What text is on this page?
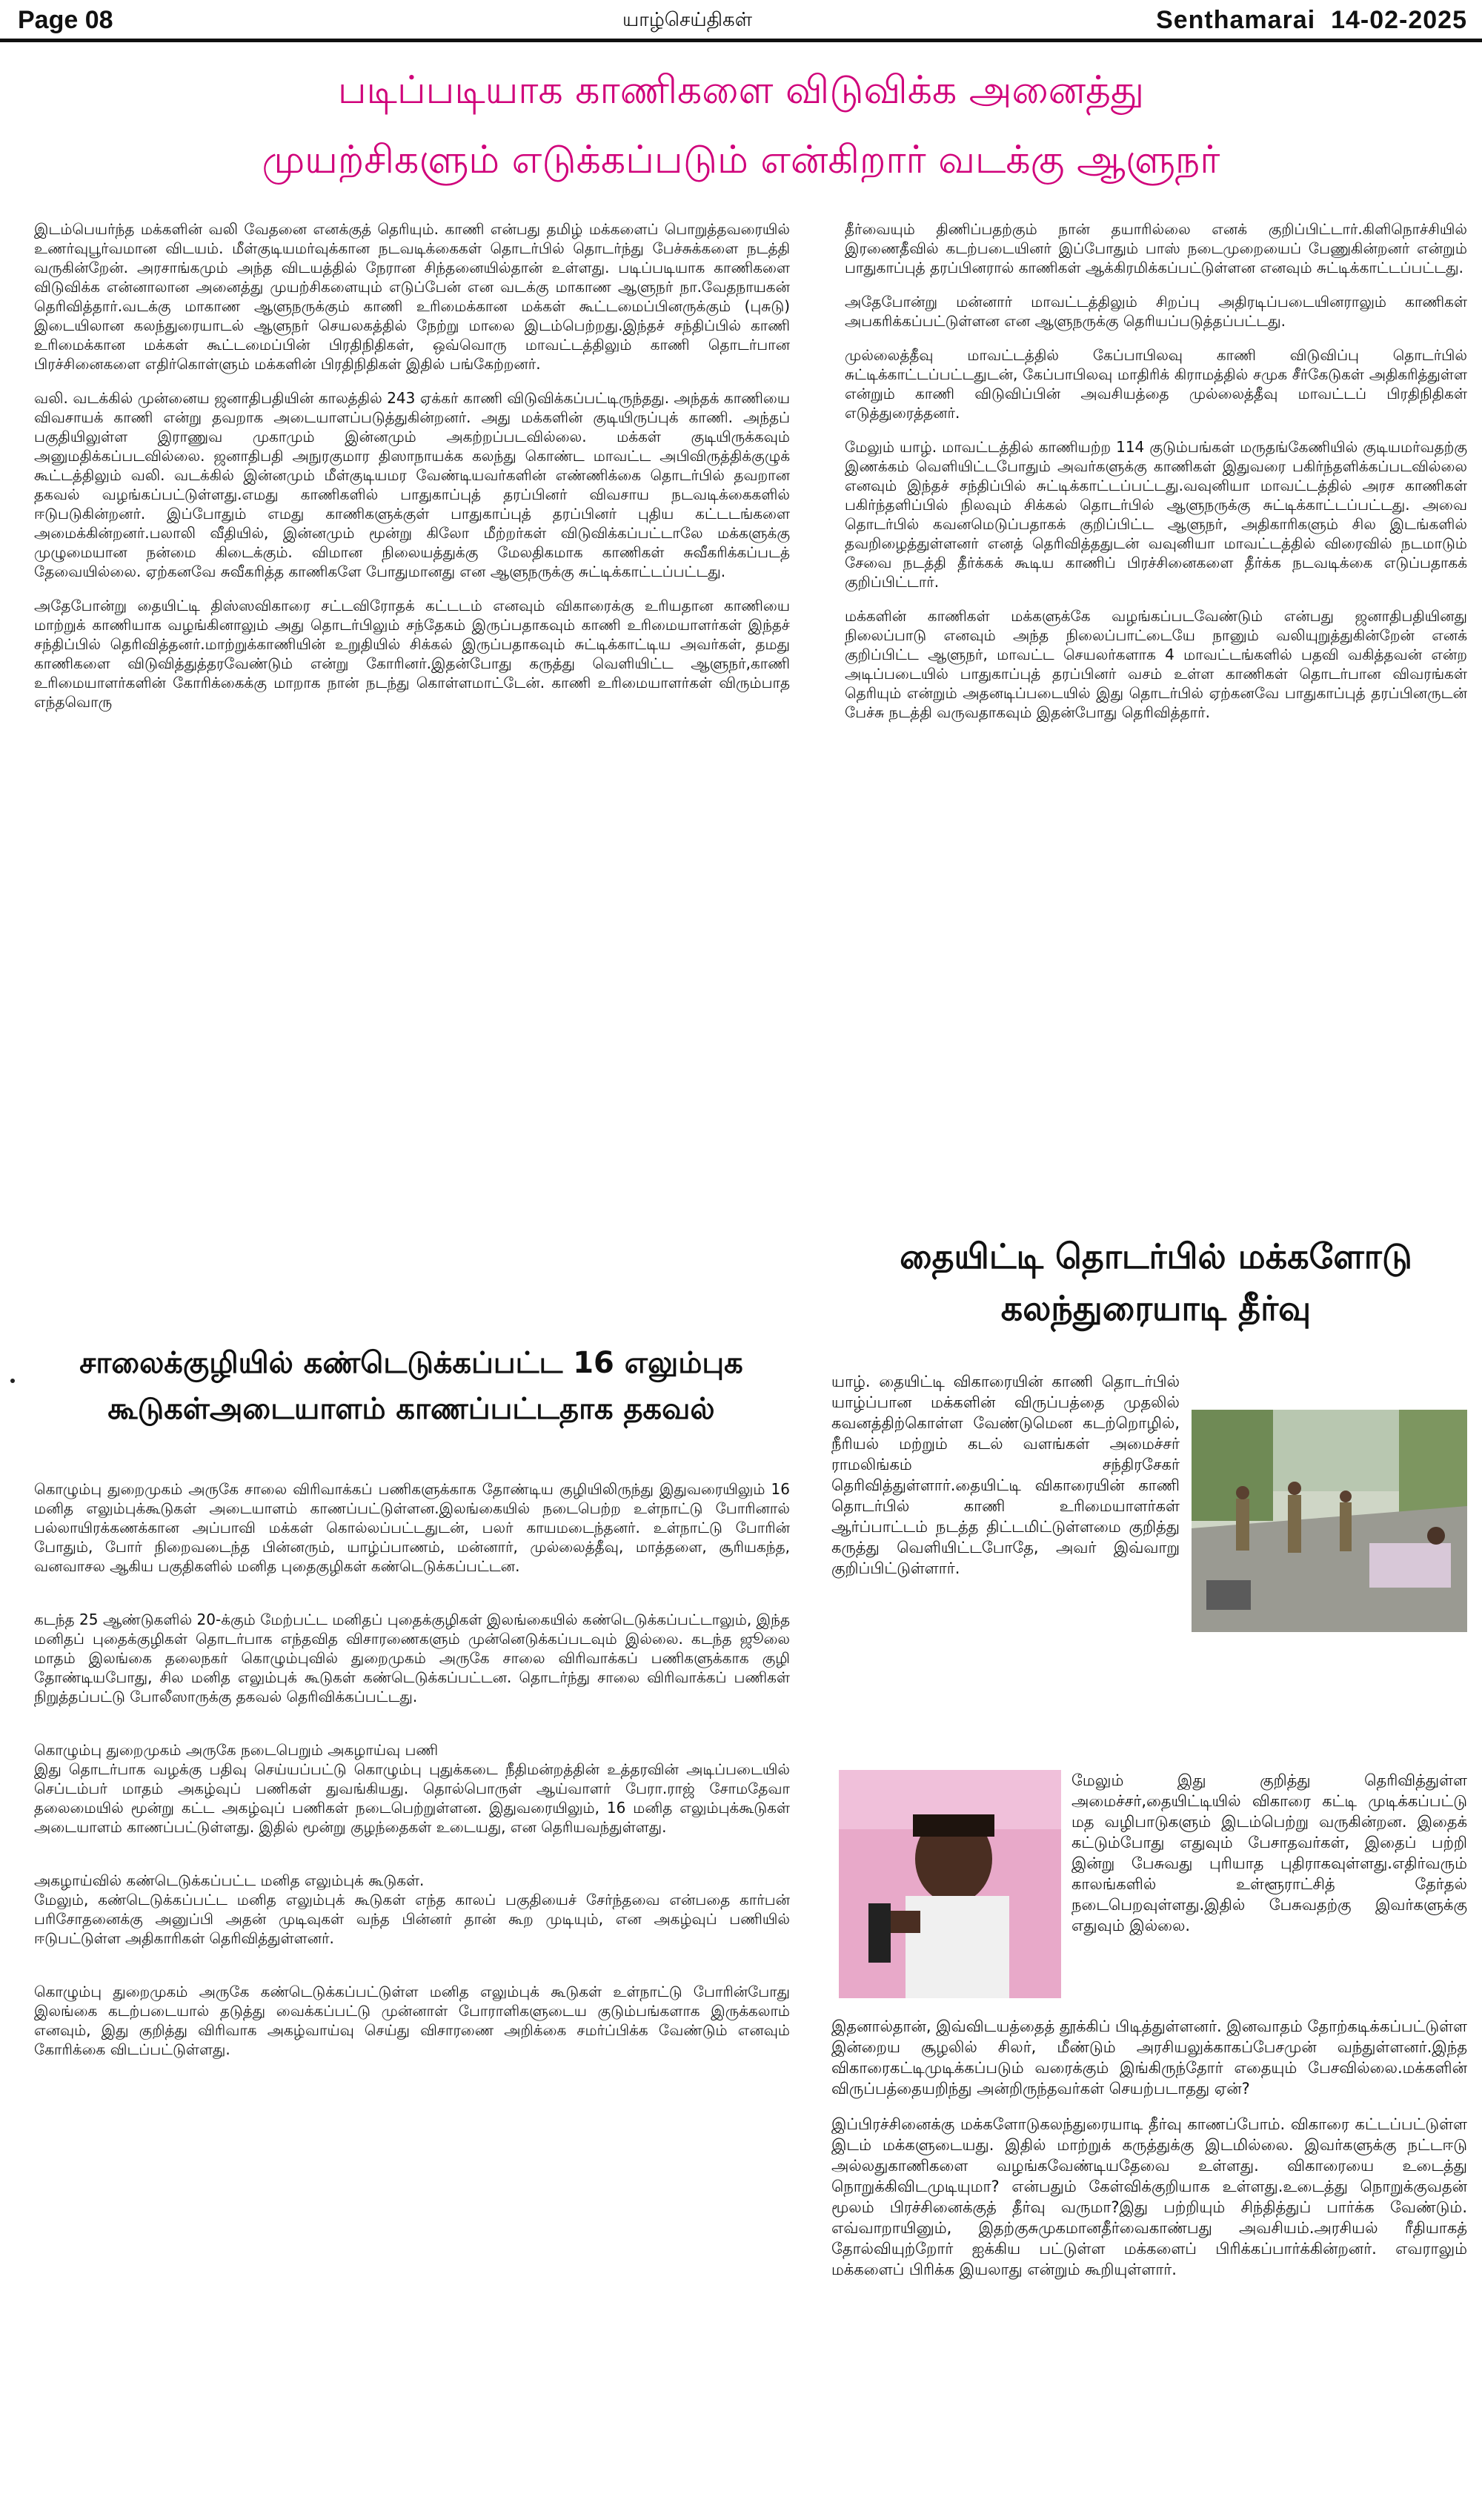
Page 08	யாழ்செய்திகள்	Senthamarai 14-02-2025
படிப்படியாக காணிகளை விடுவிக்க அனைத்து
முயற்சிகளும் எடுக்கப்படும் என்கிறார் வடக்கு ஆளுநர்

இடம்பெயர்ந்த மக்களின் வலி வேதனை எனக்குத் தெரியும். காணி என்பது தமிழ் மக்களைப் பொறுத்தவரையில் உணர்வுபூர்வமான விடயம். மீள்குடியமர்வுக்கான நடவடிக்கைகள் தொடர்பில் தொடர்ந்து பேச்சுக்களை நடத்தி வருகின்றேன். அரசாங்கமும் அந்த விடயத்தில் நேரான சிந்தனையில்தான் உள்ளது. படிப்படியாக காணிகளை விடுவிக்க என்னாலான அனைத்து முயற்சிகளையும் எடுப்பேன் என வடக்கு மாகாண ஆளுநர் நா.வேதநாயகன் தெரிவித்தார்.வடக்கு மாகாண ஆளுநருக்கும் காணி உரிமைக்கான மக்கள் கூட்டமைப்பினருக்கும் (புசுடு) இடையிலான கலந்துரையாடல் ஆளுநர் செயலகத்தில் நேற்று மாலை இடம்பெற்றது.இந்தச் சந்திப்பில் காணி உரிமைக்கான மக்கள் கூட்டமைப்பின் பிரதிநிதிகள், ஒவ்வொரு மாவட்டத்திலும் காணி தொடர்பான பிரச்சினைகளை எதிர்கொள்ளும் மக்களின் பிரதிநிதிகள் இதில் பங்கேற்றனர்.

வலி. வடக்கில் முன்னைய ஜனாதிபதியின் காலத்தில் 243 ஏக்கர் காணி விடுவிக்கப்பட்டிருந்தது. அந்தக் காணியை விவசாயக் காணி என்று தவறாக அடையாளப்படுத்துகின்றனர். அது மக்களின் குடியிருப்புக் காணி. அந்தப் பகுதியிலுள்ள இராணுவ முகாமும் இன்னமும் அகற்றப்படவில்லை. மக்கள் குடியிருக்கவும் அனுமதிக்கப்படவில்லை. ஜனாதிபதி அநுரகுமார திஸாநாயக்க கலந்து கொண்ட மாவட்ட அபிவிருத்திக்குழுக் கூட்டத்திலும் வலி. வடக்கில் இன்னமும் மீள்குடியமர வேண்டியவர்களின் எண்ணிக்கை தொடர்பில் தவறான தகவல் வழங்கப்பட்டுள்ளது.எமது காணிகளில் பாதுகாப்புத் தரப்பினர் விவசாய நடவடிக்கைகளில் ஈடுபடுகின்றனர். இப்போதும் எமது காணிகளுக்குள் பாதுகாப்புத் தரப்பினர் புதிய கட்டடங்களை அமைக்கின்றனர்.பலாலி வீதியில், இன்னமும் மூன்று கிலோ மீற்றர்கள் விடுவிக்கப்பட்டாலே மக்களுக்கு முழுமையான நன்மை கிடைக்கும். விமான நிலையத்துக்கு மேலதிகமாக காணிகள் சுவீகரிக்கப்படத் தேவையில்லை. ஏற்கனவே சுவீகரித்த காணிகளே போதுமானது என ஆளுநருக்கு சுட்டிக்காட்டப்பட்டது.

அதேபோன்று தையிட்டி திஸ்ஸவிகாரை சட்டவிரோதக் கட்டடம் எனவும் விகாரைக்கு உரியதான காணியை மாற்றுக் காணியாக வழங்கினாலும் அது தொடர்பிலும் சந்தேகம் இருப்பதாகவும் காணி உரிமையாளர்கள் இந்தச் சந்திப்பில் தெரிவித்தனர்.மாற்றுக்காணியின் உறுதியில் சிக்கல் இருப்பதாகவும் சுட்டிக்காட்டிய அவர்கள், தமது காணிகளை விடுவித்துத்தரவேண்டும் என்று கோரினர்.இதன்போது கருத்து வெளியிட்ட ஆளுநர்,காணி உரிமையாளர்களின் கோரிக்கைக்கு மாறாக நான் நடந்து கொள்ளமாட்டேன். காணி உரிமையாளர்கள் விரும்பாத எந்தவொரு

தீர்வையும் திணிப்பதற்கும் நான் தயாரில்லை எனக் குறிப்பிட்டார்.கிளிநொச்சியில் இரணைதீவில் கடற்படையினர் இப்போதும் பாஸ் நடைமுறையைப் பேணுகின்றனர் என்றும் பாதுகாப்புத் தரப்பினரால் காணிகள் ஆக்கிரமிக்கப்பட்டுள்ளன எனவும் சுட்டிக்காட்டப்பட்டது.

அதேபோன்று மன்னார் மாவட்டத்திலும் சிறப்பு அதிரடிப்படையினராலும் காணிகள் அபகரிக்கப்பட்டுள்ளன என ஆளுநருக்கு தெரியப்படுத்தப்பட்டது.

முல்லைத்தீவு மாவட்டத்தில் கேப்பாபிலவு காணி விடுவிப்பு தொடர்பில் சுட்டிக்காட்டப்பட்டதுடன், கேப்பாபிலவு மாதிரிக் கிராமத்தில் சமுக சீர்கேடுகள் அதிகரித்துள்ள என்றும் காணி விடுவிப்பின் அவசியத்தை முல்லைத்தீவு மாவட்டப் பிரதிநிதிகள் எடுத்துரைத்தனர்.

மேலும் யாழ். மாவட்டத்தில் காணியற்ற 114 குடும்பங்கள் மருதங்கேணியில் குடியமர்வதற்கு இணக்கம் வெளியிட்டபோதும் அவர்களுக்கு காணிகள் இதுவரை பகிர்ந்தளிக்கப்படவில்லை எனவும் இந்தச் சந்திப்பில் சுட்டிக்காட்டப்பட்டது.வவுனியா மாவட்டத்தில் அரச காணிகள் பகிர்ந்தளிப்பில் நிலவும் சிக்கல் தொடர்பில் ஆளுநருக்கு சுட்டிக்காட்டப்பட்டது. அவை தொடர்பில் கவனமெடுப்பதாகக் குறிப்பிட்ட ஆளுநர், அதிகாரிகளும் சில இடங்களில் தவறிழைத்துள்ளனர் எனத் தெரிவித்ததுடன் வவுனியா மாவட்டத்தில் விரைவில் நடமாடும் சேவை நடத்தி தீர்க்கக் கூடிய காணிப் பிரச்சினைகளை தீர்க்க நடவடிக்கை எடுப்பதாகக் குறிப்பிட்டார்.

மக்களின் காணிகள் மக்களுக்கே வழங்கப்படவேண்டும் என்பது ஜனாதிபதியினது நிலைப்பாடு எனவும் அந்த நிலைப்பாட்டையே நானும் வலியுறுத்துகின்றேன் எனக் குறிப்பிட்ட ஆளுநர், மாவட்ட செயலர்களாக 4 மாவட்டங்களில் பதவி வகித்தவன் என்ற அடிப்படையில் பாதுகாப்புத் தரப்பினர் வசம் உள்ள காணிகள் தொடர்பான விவரங்கள் தெரியும் என்றும் அதனடிப்படையில் இது தொடர்பில் ஏற்கனவே பாதுகாப்புத் தரப்பினருடன் பேச்சு நடத்தி வருவதாகவும் இதன்போது தெரிவித்தார்.

சாலைக்குழியில் கண்டெடுக்கப்பட்ட 16 எலும்புக
கூடுகள்அடையாளம் காணப்பட்டதாக தகவல்

கொழும்பு துறைமுகம் அருகே சாலை விரிவாக்கப் பணிகளுக்காக தோண்டிய குழியிலிருந்து இதுவரையிலும் 16 மனித எலும்புக்கூடுகள் அடையாளம் காணப்பட்டுள்ளன.இலங்கையில் நடைபெற்ற உள்நாட்டு போரினால் பல்லாயிரக்கணக்கான அப்பாவி மக்கள் கொல்லப்பட்டதுடன், பலர் காயமடைந்தனர். உள்நாட்டு போரின் போதும், போர் நிறைவடைந்த பின்னரும், யாழ்ப்பாணம், மன்னார், முல்லைத்தீவு, மாத்தளை, சூரியகந்த, வனவாசல ஆகிய பகுதிகளில் மனித புதைகுழிகள் கண்டெடுக்கப்பட்டன.

கடந்த 25 ஆண்டுகளில் 20-க்கும் மேற்பட்ட மனிதப் புதைக்குழிகள் இலங்கையில் கண்டெடுக்கப்பட்டாலும், இந்த மனிதப் புதைக்குழிகள் தொடர்பாக எந்தவித விசாரணைகளும் முன்னெடுக்கப்படவும் இல்லை. கடந்த ஜூலை மாதம் இலங்கை தலைநகர் கொழும்புவில் துறைமுகம் அருகே சாலை விரிவாக்கப் பணிகளுக்காக குழி தோண்டியபோது, சில மனித எலும்புக் கூடுகள் கண்டெடுக்கப்பட்டன. தொடர்ந்து சாலை விரிவாக்கப் பணிகள் நிறுத்தப்பட்டு போலீஸாருக்கு தகவல் தெரிவிக்கப்பட்டது.

கொழும்பு துறைமுகம் அருகே நடைபெறும் அகழாய்வு பணி
இது தொடர்பாக வழக்கு பதிவு செய்யப்பட்டு கொழும்பு புதுக்கடை நீதிமன்றத்தின் உத்தரவின் அடிப்படையில் செப்டம்பர் மாதம் அகழ்வுப் பணிகள் துவங்கியது. தொல்பொருள் ஆய்வாளர் பேரா.ராஜ் சோமதேவா தலைமையில் மூன்று கட்ட அகழ்வுப் பணிகள் நடைபெற்றுள்ளன. இதுவரையிலும், 16 மனித எலும்புக்கூடுகள் அடையாளம் காணப்பட்டுள்ளது. இதில் மூன்று குழந்தைகள் உடையது, என தெரியவந்துள்ளது.

அகழாய்வில் கண்டெடுக்கப்பட்ட மனித எலும்புக் கூடுகள்.
மேலும், கண்டெடுக்கப்பட்ட மனித எலும்புக் கூடுகள் எந்த காலப் பகுதியைச் சேர்ந்தவை என்பதை கார்பன் பரிசோதனைக்கு அனுப்பி அதன் முடிவுகள் வந்த பின்னர் தான் கூற முடியும், என அகழ்வுப் பணியில் ஈடுபட்டுள்ள அதிகாரிகள் தெரிவித்துள்ளனர்.

கொழும்பு துறைமுகம் அருகே கண்டெடுக்கப்பட்டுள்ள மனித எலும்புக் கூடுகள் உள்நாட்டு போரின்போது இலங்கை கடற்படையால் தடுத்து வைக்கப்பட்டு முன்னாள் போராளிகளுடைய குடும்பங்களாக இருக்கலாம் எனவும், இது குறித்து விரிவாக அகழ்வாய்வு செய்து விசாரணை அறிக்கை சமர்ப்பிக்க வேண்டும் எனவும் கோரிக்கை விடப்பட்டுள்ளது.

தையிட்டி தொடர்பில் மக்களோடு
கலந்துரையாடி தீர்வு
யாழ். தையிட்டி விகாரையின் காணி தொடர்பில் யாழ்ப்பான மக்களின் விருப்பத்தை முதலில் கவனத்திற்கொள்ள வேண்டுமென கடற்றொழில், நீரியல் மற்றும் கடல் வளங்கள் அமைச்சர் ராமலிங்கம் சந்திரசேகர் தெரிவித்துள்ளார்.தையிட்டி விகாரையின் காணி தொடர்பில் காணி உரிமையாளர்கள் ஆர்ப்பாட்டம் நடத்த திட்டமிட்டுள்ளமை குறித்து கருத்து வெளியிட்டபோதே, அவர் இவ்வாறு குறிப்பிட்டுள்ளார்.
மேலும் இது குறித்து தெரிவித்துள்ள அமைச்சர்,தையிட்டியில் விகாரை கட்டி முடிக்கப்பட்டு மத வழிபாடுகளும் இடம்பெற்று வருகின்றன. இதைக் கட்டும்போது எதுவும் பேசாதவர்கள், இதைப் பற்றி இன்று பேசுவது புரியாத புதிராகவுள்ளது.எதிர்வரும் காலங்களில் உள்ளூராட்சித் தேர்தல் நடைபெறவுள்ளது.இதில் பேசுவதற்கு இவர்களுக்கு எதுவும் இல்லை.

இதனால்தான், இவ்விடயத்தைத் தூக்கிப் பிடித்துள்ளனர். இனவாதம் தோற்கடிக்கப்பட்டுள்ள இன்றைய சூழலில் சிலர், மீண்டும் அரசியலுக்காகப்பேசமுன் வந்துள்ளனர்.இந்த விகாரைகட்டிமுடிக்கப்படும் வரைக்கும் இங்கிருந்தோர் எதையும் பேசவில்லை.மக்களின் விருப்பத்தையறிந்து அன்றிருந்தவர்கள் செயற்படாதது ஏன்?

இப்பிரச்சினைக்கு மக்களோடுகலந்துரையாடி தீர்வு காணப்போம். விகாரை கட்டப்பட்டுள்ள இடம் மக்களுடையது. இதில் மாற்றுக் கருத்துக்கு இடமில்லை. இவர்களுக்கு நட்டஈடு அல்லதுகாணிகளை வழங்கவேண்டியதேவை உள்ளது. விகாரையை உடைத்து நொறுக்கிவிடமுடியுமா? என்பதும் கேள்விக்குறியாக உள்ளது.உடைத்து நொறுக்குவதன் மூலம் பிரச்சினைக்குத் தீர்வு வருமா?இது பற்றியும் சிந்தித்துப் பார்க்க வேண்டும். எவ்வாறாயினும், இதற்குசுமுகமானதீர்வைகாண்பது அவசியம்.அரசியல் ரீதியாகத் தோல்வியுற்றோர் ஐக்கிய பட்டுள்ள மக்களைப் பிரிக்கப்பார்க்கின்றனர். எவராலும் மக்களைப் பிரிக்க இயலாது என்றும் கூறியுள்ளார்.
